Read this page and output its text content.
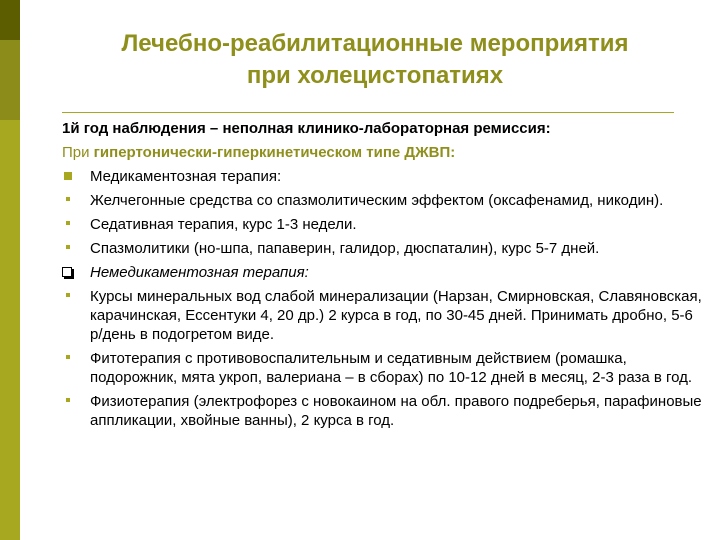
Лечебно-реабилитационные мероприятия
при холецистопатиях
1й год наблюдения – неполная клинико-лабораторная ремиссия:
При гипертонически-гиперкинетическом типе ДЖВП:
Медикаментозная терапия:
Желчегонные средства со спазмолитическим эффектом (оксафенамид, никодин).
Седативная терапия, курс 1-3 недели.
Спазмолитики (но-шпа, папаверин, галидор, дюспаталин), курс 5-7 дней.
Немедикаментозная терапия:
Курсы минеральных вод слабой минерализации (Нарзан, Смирновская, Славяновская, карачинская, Ессентуки 4, 20 др.) 2 курса в год, по 30-45 дней. Принимать дробно, 5-6 р/день в подогретом виде.
Фитотерапия с противовоспалительным и седативным действием (ромашка, подорожник, мята укроп, валериана – в сборах) по 10-12 дней в месяц, 2-3 раза в год.
Физиотерапия (электрофорез с новокаином на обл. правого подреберья, парафиновые аппликации, хвойные ванны), 2 курса в год.
